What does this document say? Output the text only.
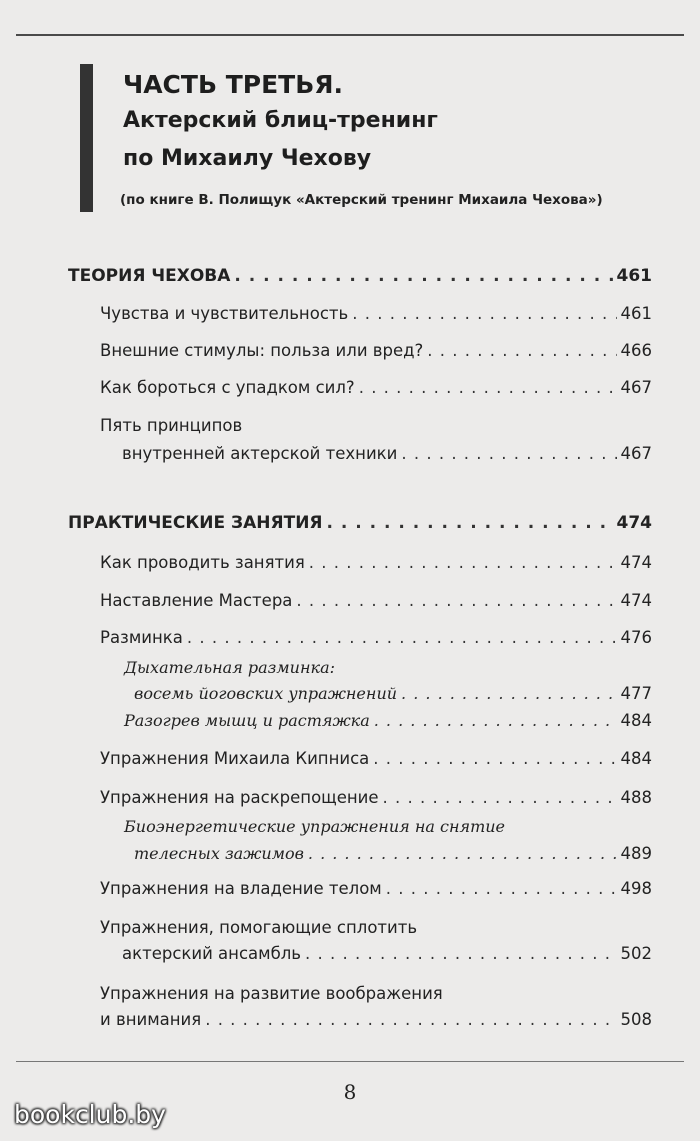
ЧАСТЬ ТРЕТЬЯ.
Актерский блиц-тренинг
по Михаилу Чехову
(по книге В. Полищук «Актерский тренинг Михаила Чехова»)
ТЕОРИЯ ЧЕХОВА . . .	461
Чувства и чувствительность . . .	461
Внешние стимулы: польза или вред? . . .	466
Как бороться с упадком сил? . . .	467
Пять принципов
внутренней актерской техники . . .	467
ПРАКТИЧЕСКИЕ ЗАНЯТИЯ . . .	474
Как проводить занятия . . .	474
Наставление Мастера . . .	474
Разминка . . .	476
Дыхательная разминка:
восемь йоговских упражнений . . .	477
Разогрев мышц и растяжка . . .	484
Упражнения Михаила Кипниса . . .	484
Упражнения на раскрепощение . . .	488
Биоэнергетические упражнения на снятие
телесных зажимов . . .	489
Упражнения на владение телом . . .	498
Упражнения, помогающие сплотить
актерский ансамбль . . .	502
Упражнения на развитие воображения
и внимания . . .	508
8
bookclub.by
